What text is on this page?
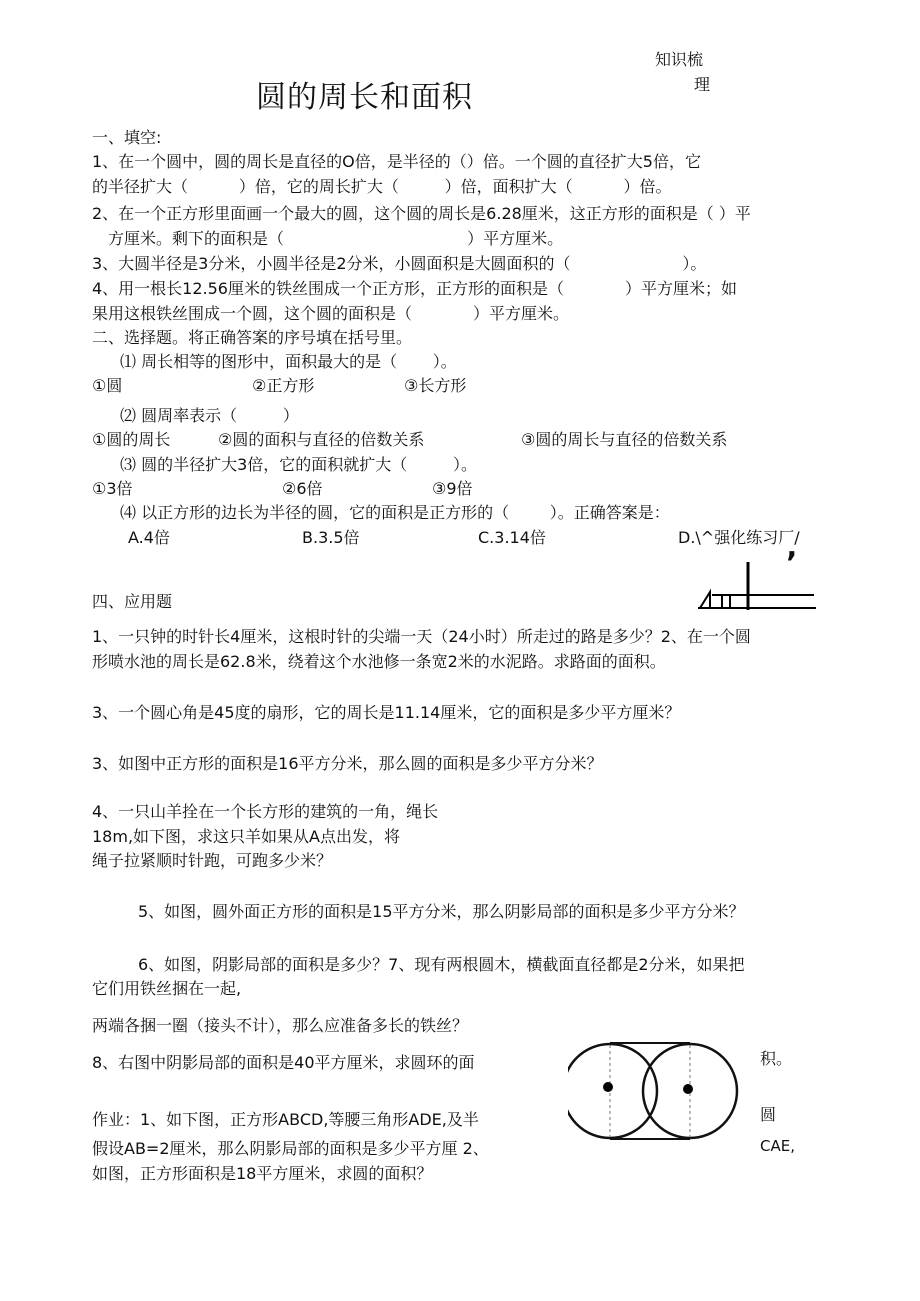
知识梳
理
圆的周长和面积
一、填空:
1、在一个圆中，圆的周长是直径的O倍，是半径的（）倍。一个圆的直径扩大5倍，它
的半径扩大（          ）倍，它的周长扩大（         ）倍，面积扩大（          ）倍。
2、在一个正方形里面画一个最大的圆，这个圆的周长是6.28厘米，这正方形的面积是（ ）平
方厘米。剩下的面积是（                                    ）平方厘米。
3、大圆半径是3分米，小圆半径是2分米，小圆面积是大圆面积的（                      ）。
4、用一根长12.56厘米的铁丝围成一个正方形，正方形的面积是（            ）平方厘米；如
果用这根铁丝围成一个圆，这个圆的面积是（            ）平方厘米。
二、选择题。将正确答案的序号填在括号里。
⑴ 周长相等的图形中，面积最大的是（       ）。
①圆	②正方形	③长方形
⑵ 圆周率表示（         ）
①圆的周长	②圆的面积与直径的倍数关系	③圆的周长与直径的倍数关系
⑶ 圆的半径扩大3倍，它的面积就扩大（         ）。
①3倍	②6倍	③9倍
⑷ 以正方形的边长为半径的圆，它的面积是正方形的（        ）。正确答案是：
A.4倍	B.3.5倍	C.3.14倍	D.\^强化练习厂/
ʼ
四、应用题
1、一只钟的时针长4厘米，这根时针的尖端一天（24小时）所走过的路是多少？2、在一个圆
形喷水池的周长是62.8米，绕着这个水池修一条宽2米的水泥路。求路面的面积。
3、一个圆心角是45度的扇形，它的周长是11.14厘米，它的面积是多少平方厘米？
3、如图中正方形的面积是16平方分米，那么圆的面积是多少平方分米？
4、一只山羊拴在一个长方形的建筑的一角，绳长
18m,如下图，求这只羊如果从A点出发，将
绳子拉紧顺时针跑，可跑多少米？
5、如图，圆外面正方形的面积是15平方分米，那么阴影局部的面积是多少平方分米？
6、如图，阴影局部的面积是多少？7、现有两根圆木，横截面直径都是2分米，如果把
它们用铁丝捆在一起,
两端各捆一圈（接头不计），那么应准备多长的铁丝？
8、右图中阴影局部的面积是40平方厘米，求圆环的面	积。
作业：1、如下图，正方形ABCD,等腰三角形ADE,及半	圆
假设AB=2厘米，那么阴影局部的面积是多少平方厘 2、	CAE,
如图，正方形面积是18平方厘米，求圆的面积？
